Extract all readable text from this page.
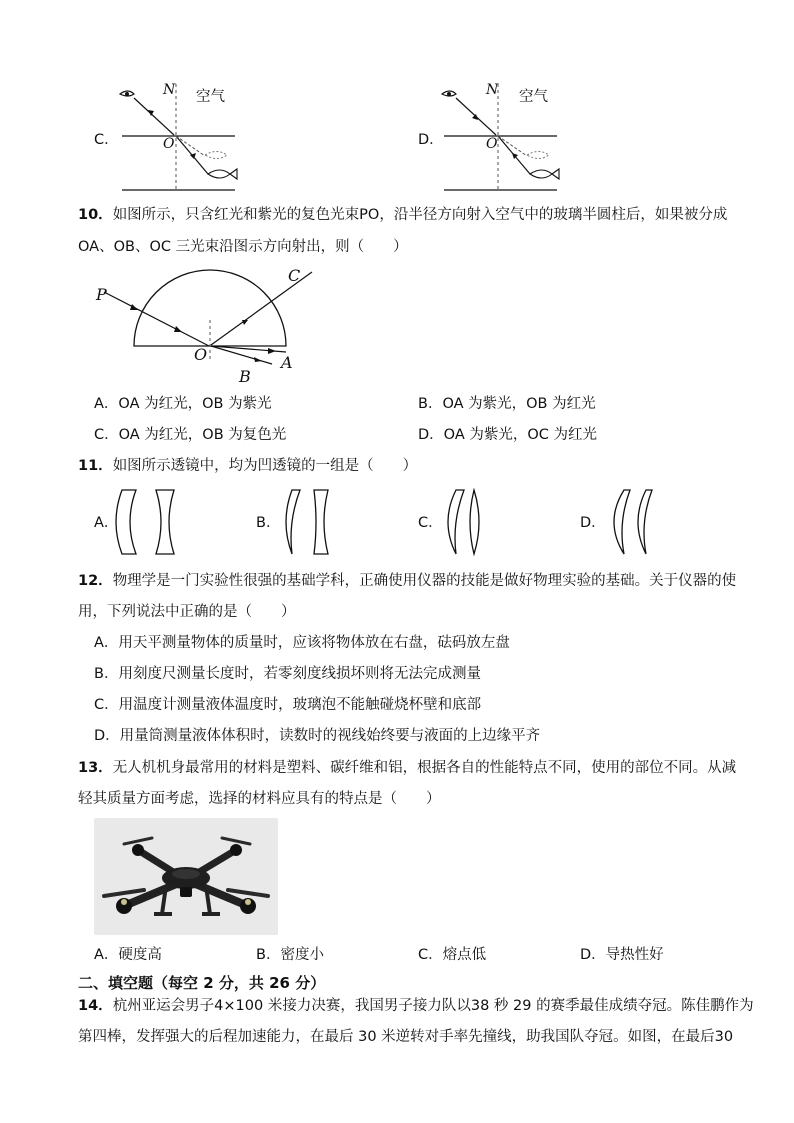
C．
N 空气
O	D．
N 空气
O
10．如图所示，只含红光和紫光的复色光束PO，沿半径方向射入空气中的玻璃半圆柱后，如果被分成
OA、OB、OC 三光束沿图示方向射出，则（　　）
P
C
O	A
B
A．OA 为红光，OB 为紫光	B．OA 为紫光，OB 为红光
C．OA 为红光，OB 为复色光	D．OA 为紫光，OC 为红光
11．如图所示透镜中，均为凹透镜的一组是（　　）
A．	B．	C．	D．
12．物理学是一门实验性很强的基础学科，正确使用仪器的技能是做好物理实验的基础。关于仪器的使
用，下列说法中正确的是（　　）
A．用天平测量物体的质量时，应该将物体放在右盘，砝码放左盘
B．用刻度尺测量长度时，若零刻度线损坏则将无法完成测量
C．用温度计测量液体温度时，玻璃泡不能触碰烧杯壁和底部
D．用量筒测量液体体积时，读数时的视线始终要与液面的上边缘平齐
13．无人机机身最常用的材料是塑料、碳纤维和铝，根据各自的性能特点不同，使用的部位不同。从减
轻其质量方面考虑，选择的材料应具有的特点是（　　）
A．硬度高	B．密度小	C．熔点低	D．导热性好
二、填空题（每空 2 分，共 26 分）
14．杭州亚运会男子4×100 米接力决赛，我国男子接力队以38 秒 29 的赛季最佳成绩夺冠。陈佳鹏作为
第四棒，发挥强大的后程加速能力，在最后 30 米逆转对手率先撞线，助我国队夺冠。如图，在最后30
